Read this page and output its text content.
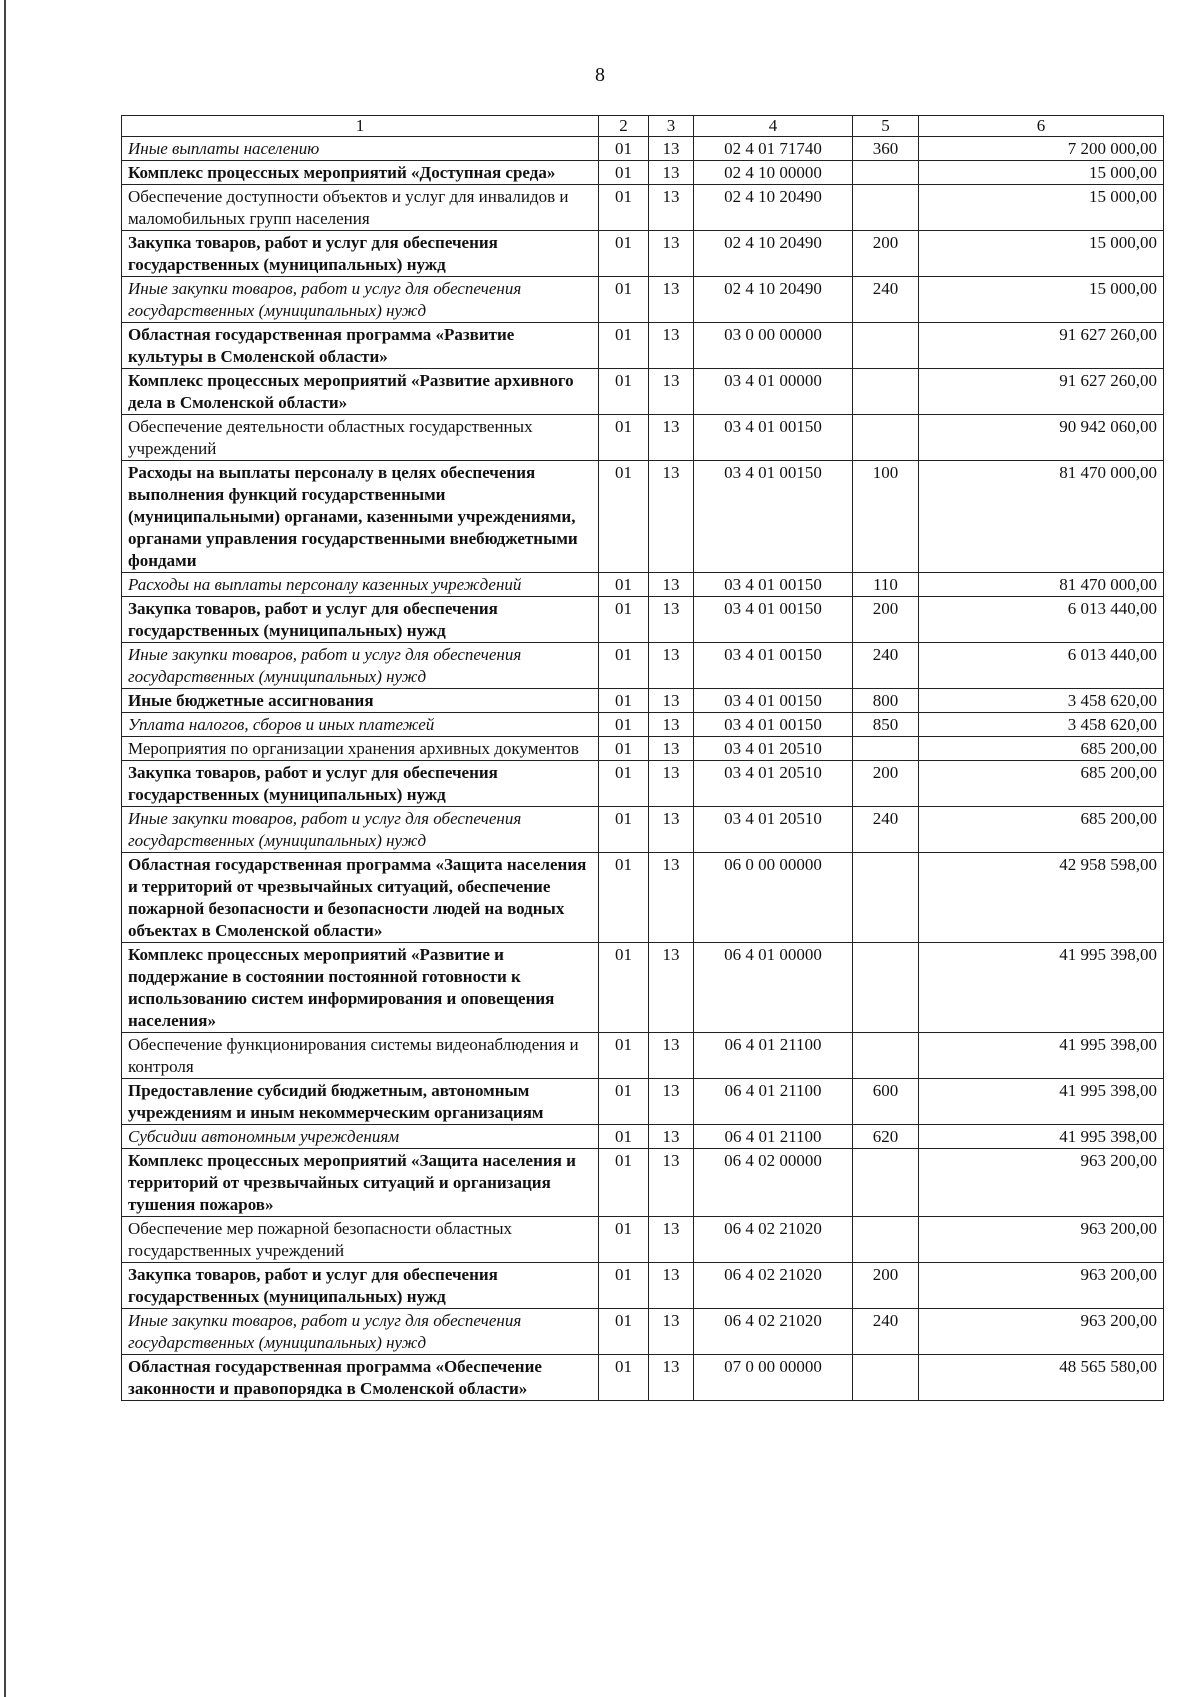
8
1	2	3	4	5	6
Иные выплаты населению	01	13	02 4 01 71740	360	7 200 000,00
Комплекс процессных мероприятий «Доступная среда»	01	13	02 4 10 00000		15 000,00
Обеспечение доступности объектов и услуг для инвалидов и маломобильных групп населения	01	13	02 4 10 20490		15 000,00
Закупка товаров, работ и услуг для обеспечения государственных (муниципальных) нужд	01	13	02 4 10 20490	200	15 000,00
Иные закупки товаров, работ и услуг для обеспечения государственных (муниципальных) нужд	01	13	02 4 10 20490	240	15 000,00
Областная государственная программа «Развитие культуры в Смоленской области»	01	13	03 0 00 00000		91 627 260,00
Комплекс процессных мероприятий «Развитие архивного дела в Смоленской области»	01	13	03 4 01 00000		91 627 260,00
Обеспечение деятельности областных государственных учреждений	01	13	03 4 01 00150		90 942 060,00
Расходы на выплаты персоналу в целях обеспечения выполнения функций государственными (муниципальными) органами, казенными учреждениями, органами управления государственными внебюджетными фондами	01	13	03 4 01 00150	100	81 470 000,00
Расходы на выплаты персоналу казенных учреждений	01	13	03 4 01 00150	110	81 470 000,00
Закупка товаров, работ и услуг для обеспечения государственных (муниципальных) нужд	01	13	03 4 01 00150	200	6 013 440,00
Иные закупки товаров, работ и услуг для обеспечения государственных (муниципальных) нужд	01	13	03 4 01 00150	240	6 013 440,00
Иные бюджетные ассигнования	01	13	03 4 01 00150	800	3 458 620,00
Уплата налогов, сборов и иных платежей	01	13	03 4 01 00150	850	3 458 620,00
Мероприятия по организации хранения архивных документов	01	13	03 4 01 20510		685 200,00
Закупка товаров, работ и услуг для обеспечения государственных (муниципальных) нужд	01	13	03 4 01 20510	200	685 200,00
Иные закупки товаров, работ и услуг для обеспечения государственных (муниципальных) нужд	01	13	03 4 01 20510	240	685 200,00
Областная государственная программа «Защита населения и территорий от чрезвычайных ситуаций, обеспечение пожарной безопасности и безопасности людей на водных объектах в Смоленской области»	01	13	06 0 00 00000		42 958 598,00
Комплекс процессных мероприятий «Развитие и поддержание в состоянии постоянной готовности к использованию систем информирования и оповещения населения»	01	13	06 4 01 00000		41 995 398,00
Обеспечение функционирования системы видеонаблюдения и контроля	01	13	06 4 01 21100		41 995 398,00
Предоставление субсидий бюджетным, автономным учреждениям и иным некоммерческим организациям	01	13	06 4 01 21100	600	41 995 398,00
Субсидии автономным учреждениям	01	13	06 4 01 21100	620	41 995 398,00
Комплекс процессных мероприятий «Защита населения и территорий от чрезвычайных ситуаций и организация тушения пожаров»	01	13	06 4 02 00000		963 200,00
Обеспечение мер пожарной безопасности областных государственных учреждений	01	13	06 4 02 21020		963 200,00
Закупка товаров, работ и услуг для обеспечения государственных (муниципальных) нужд	01	13	06 4 02 21020	200	963 200,00
Иные закупки товаров, работ и услуг для обеспечения государственных (муниципальных) нужд	01	13	06 4 02 21020	240	963 200,00
Областная государственная программа «Обеспечение законности и правопорядка в Смоленской области»	01	13	07 0 00 00000		48 565 580,00
